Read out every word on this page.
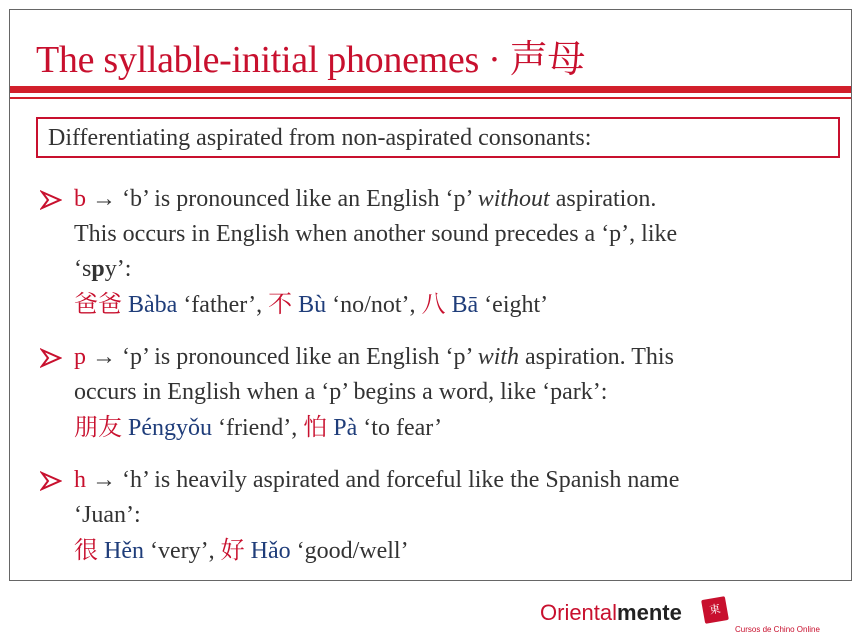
The syllable-initial phonemes · 声母
Differentiating aspirated from non-aspirated consonants:
b → ‘b’ is pronounced like an English ‘p’ without aspiration.
This occurs in English when another sound precedes a ‘p’, like
‘spy’:
爸爸 Bàba ‘father’, 不 Bù ‘no/not’, 八 Bā ‘eight’
p → ‘p’ is pronounced like an English ‘p’ with aspiration. This
occurs in English when a ‘p’ begins a word, like ‘park’:
朋友 Péngyǒu ‘friend’, 怕 Pà ‘to fear’
h → ‘h’ is heavily aspirated and forceful like the Spanish name
‘Juan’:
很 Hěn ‘very’, 好 Hǎo ‘good/well’
Orientalmente	東
Cursos de Chino Online
